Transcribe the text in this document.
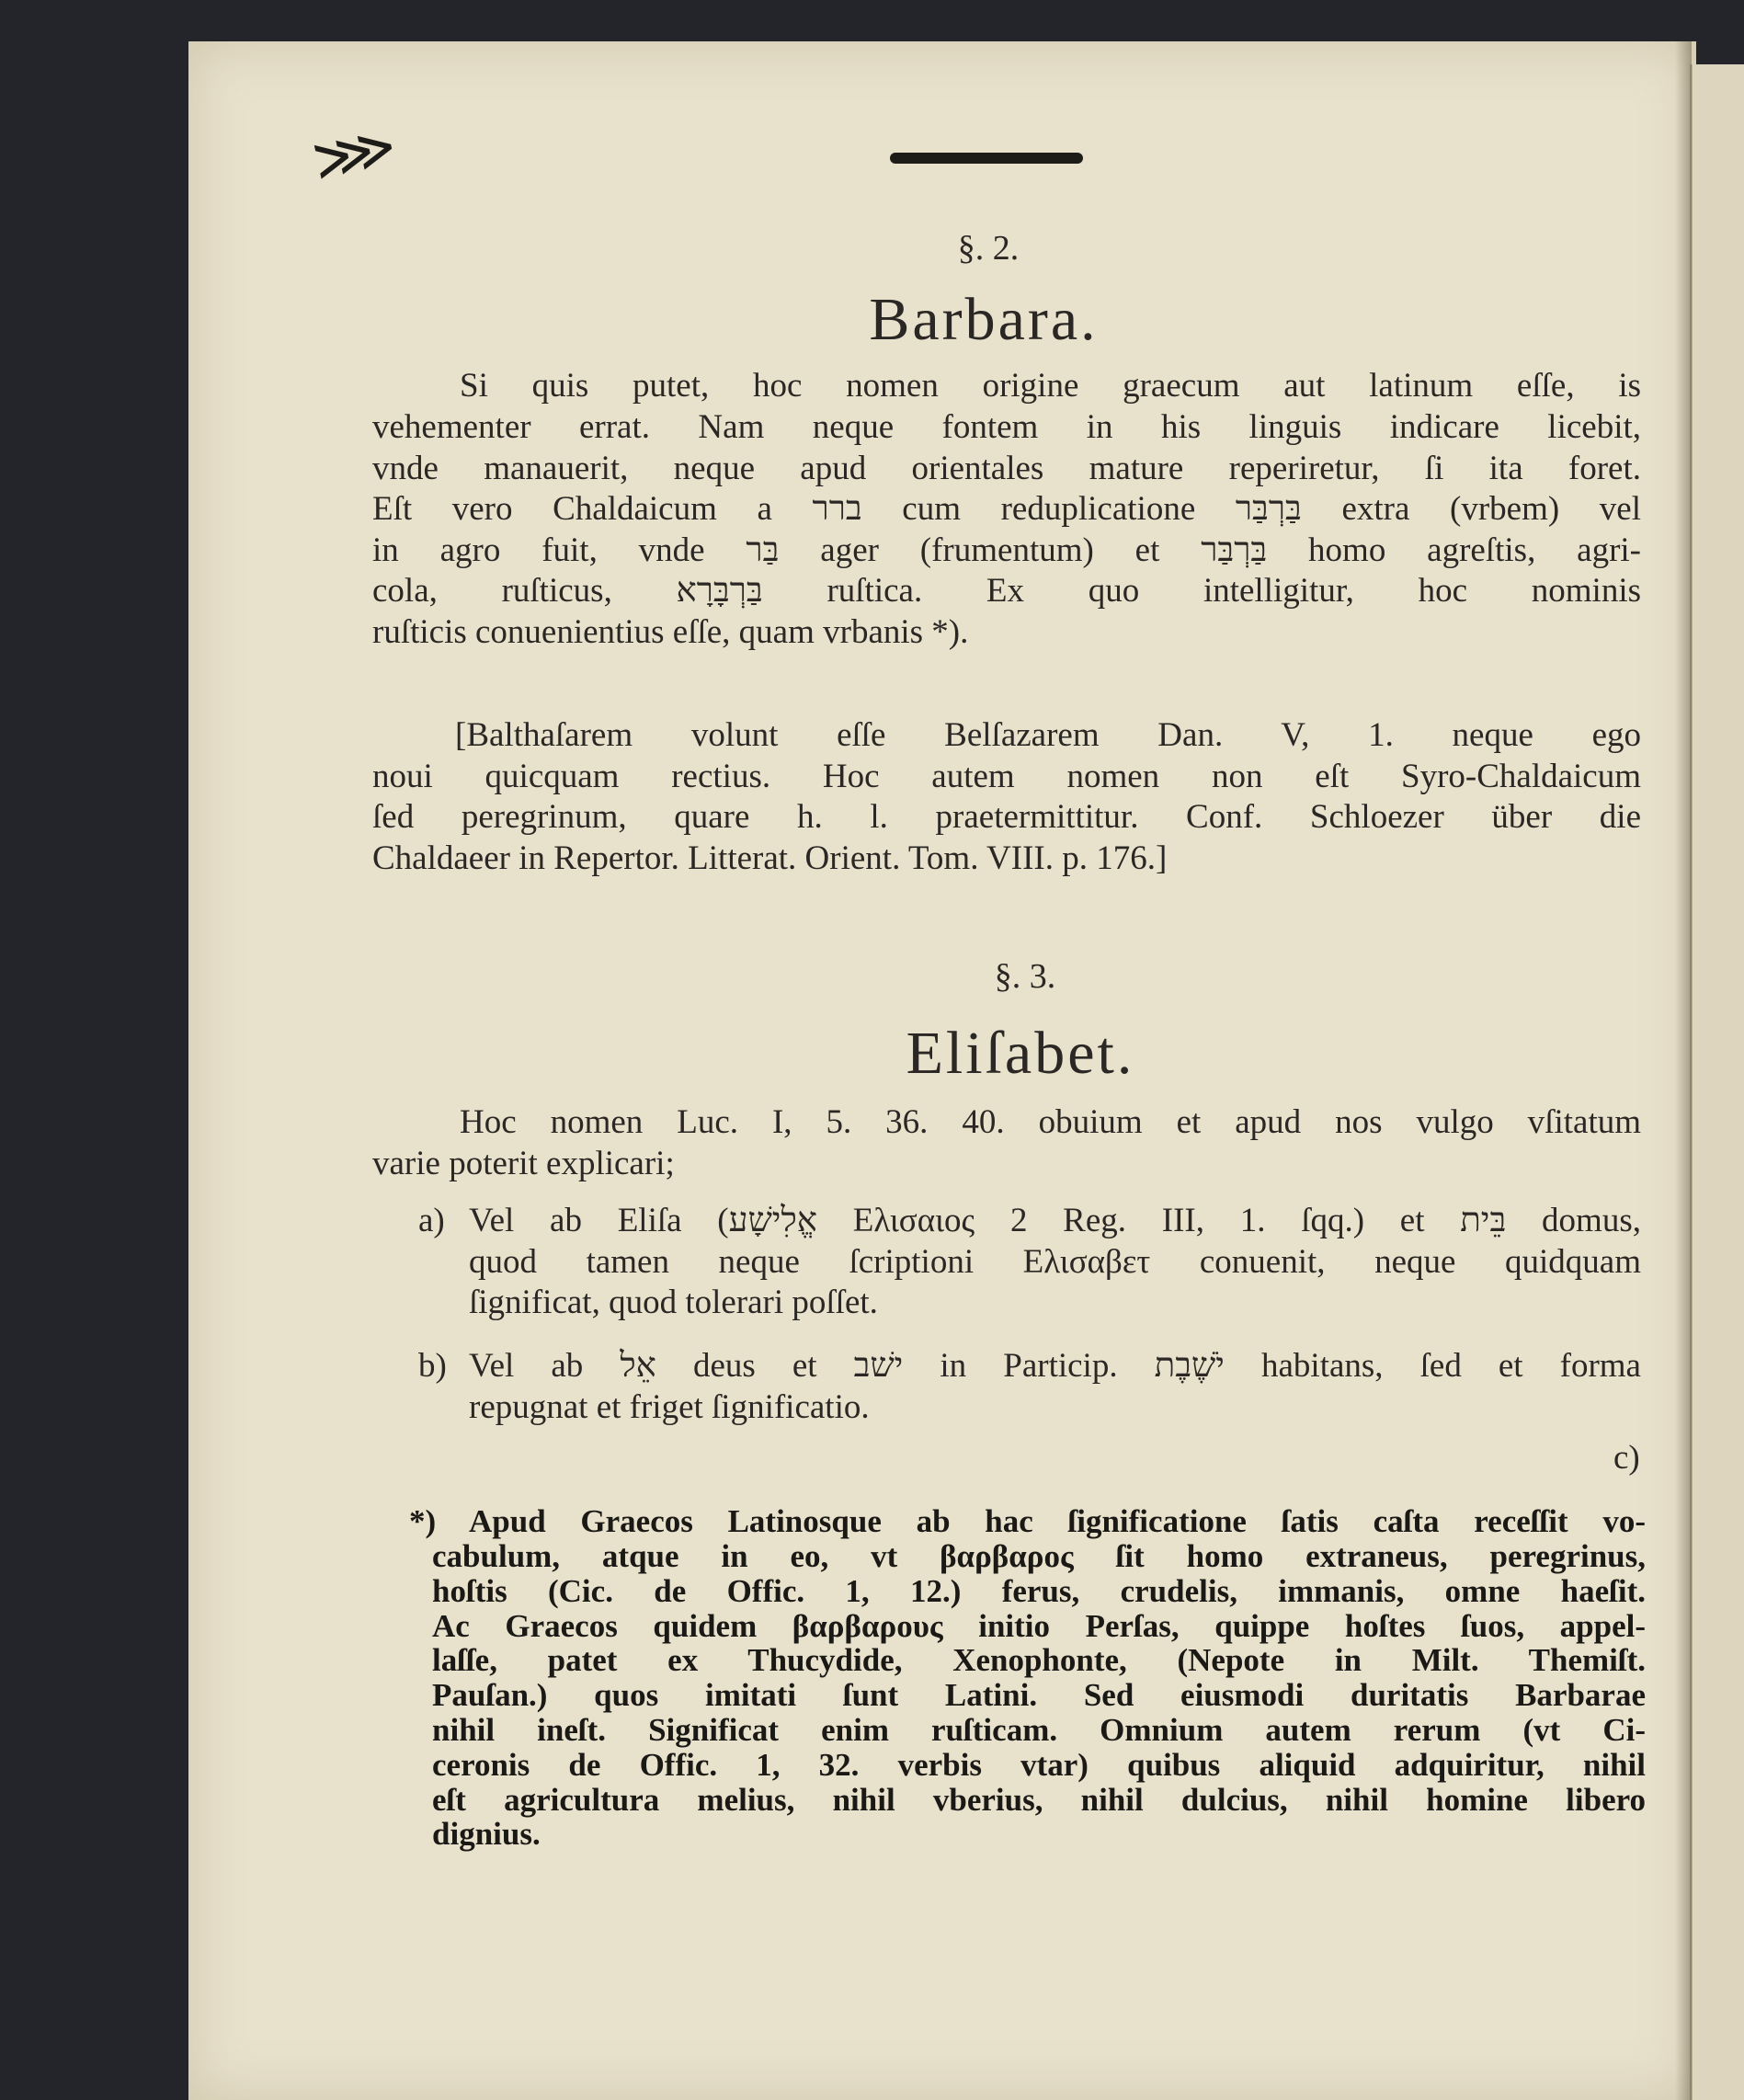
⋙
§. 2.
Barbara.
Si quis putet, hoc nomen origine graecum aut latinum eſſe, is
vehementer errat. Nam neque fontem in his linguis indicare licebit,
vnde manauerit, neque apud orientales mature reperiretur, ſi ita foret.
Eſt vero Chaldaicum a ברר cum reduplicatione בַּרְבַּר extra (vrbem) vel
in agro fuit, vnde בַּר ager (frumentum) et בַּרְבַּר homo agreſtis, agri-
cola, ruſticus, בַּרְבָּרָא ruſtica. Ex quo intelligitur, hoc nominis
ruſticis conuenientius eſſe, quam vrbanis *).
[Balthaſarem volunt eſſe Belſazarem Dan. V, 1. neque ego
noui quicquam rectius. Hoc autem nomen non eſt Syro-Chaldaicum
ſed peregrinum, quare h. l. praetermittitur. Conf. Schloezer über die
Chaldaeer in Repertor. Litterat. Orient. Tom. VIII. p. 176.]
§. 3.
Eliſabet.
Hoc nomen Luc. I, 5. 36. 40. obuium et apud nos vulgo vſitatum
varie poterit explicari;
a) Vel ab Eliſa (אֱלִישָׁע Ελισαιος 2 Reg. III, 1. ſqq.) et בֵּית domus,
quod tamen neque ſcriptioni Ελισαβετ conuenit, neque quidquam
ſignificat, quod tolerari poſſet.
b) Vel ab אֵל deus et ישׁב in Particip. יֹשֶׁבֶת habitans, ſed et forma
repugnat et friget ſignificatio.
c)
*) Apud Graecos Latinosque ab hac ſignificatione ſatis caſta receſſit vo-
cabulum, atque in eo, vt βαρβαρος ſit homo extraneus, peregrinus,
hoſtis (Cic. de Offic. 1, 12.) ferus, crudelis, immanis, omne haeſit.
Ac Graecos quidem βαρβαρους initio Perſas, quippe hoſtes ſuos, appel-
laſſe, patet ex Thucydide, Xenophonte, (Nepote in Milt. Themiſt.
Pauſan.) quos imitati ſunt Latini. Sed eiusmodi duritatis Barbarae
nihil ineſt. Significat enim ruſticam. Omnium autem rerum (vt Ci-
ceronis de Offic. 1, 32. verbis vtar) quibus aliquid adquiritur, nihil
eſt agricultura melius, nihil vberius, nihil dulcius, nihil homine libero
dignius.
